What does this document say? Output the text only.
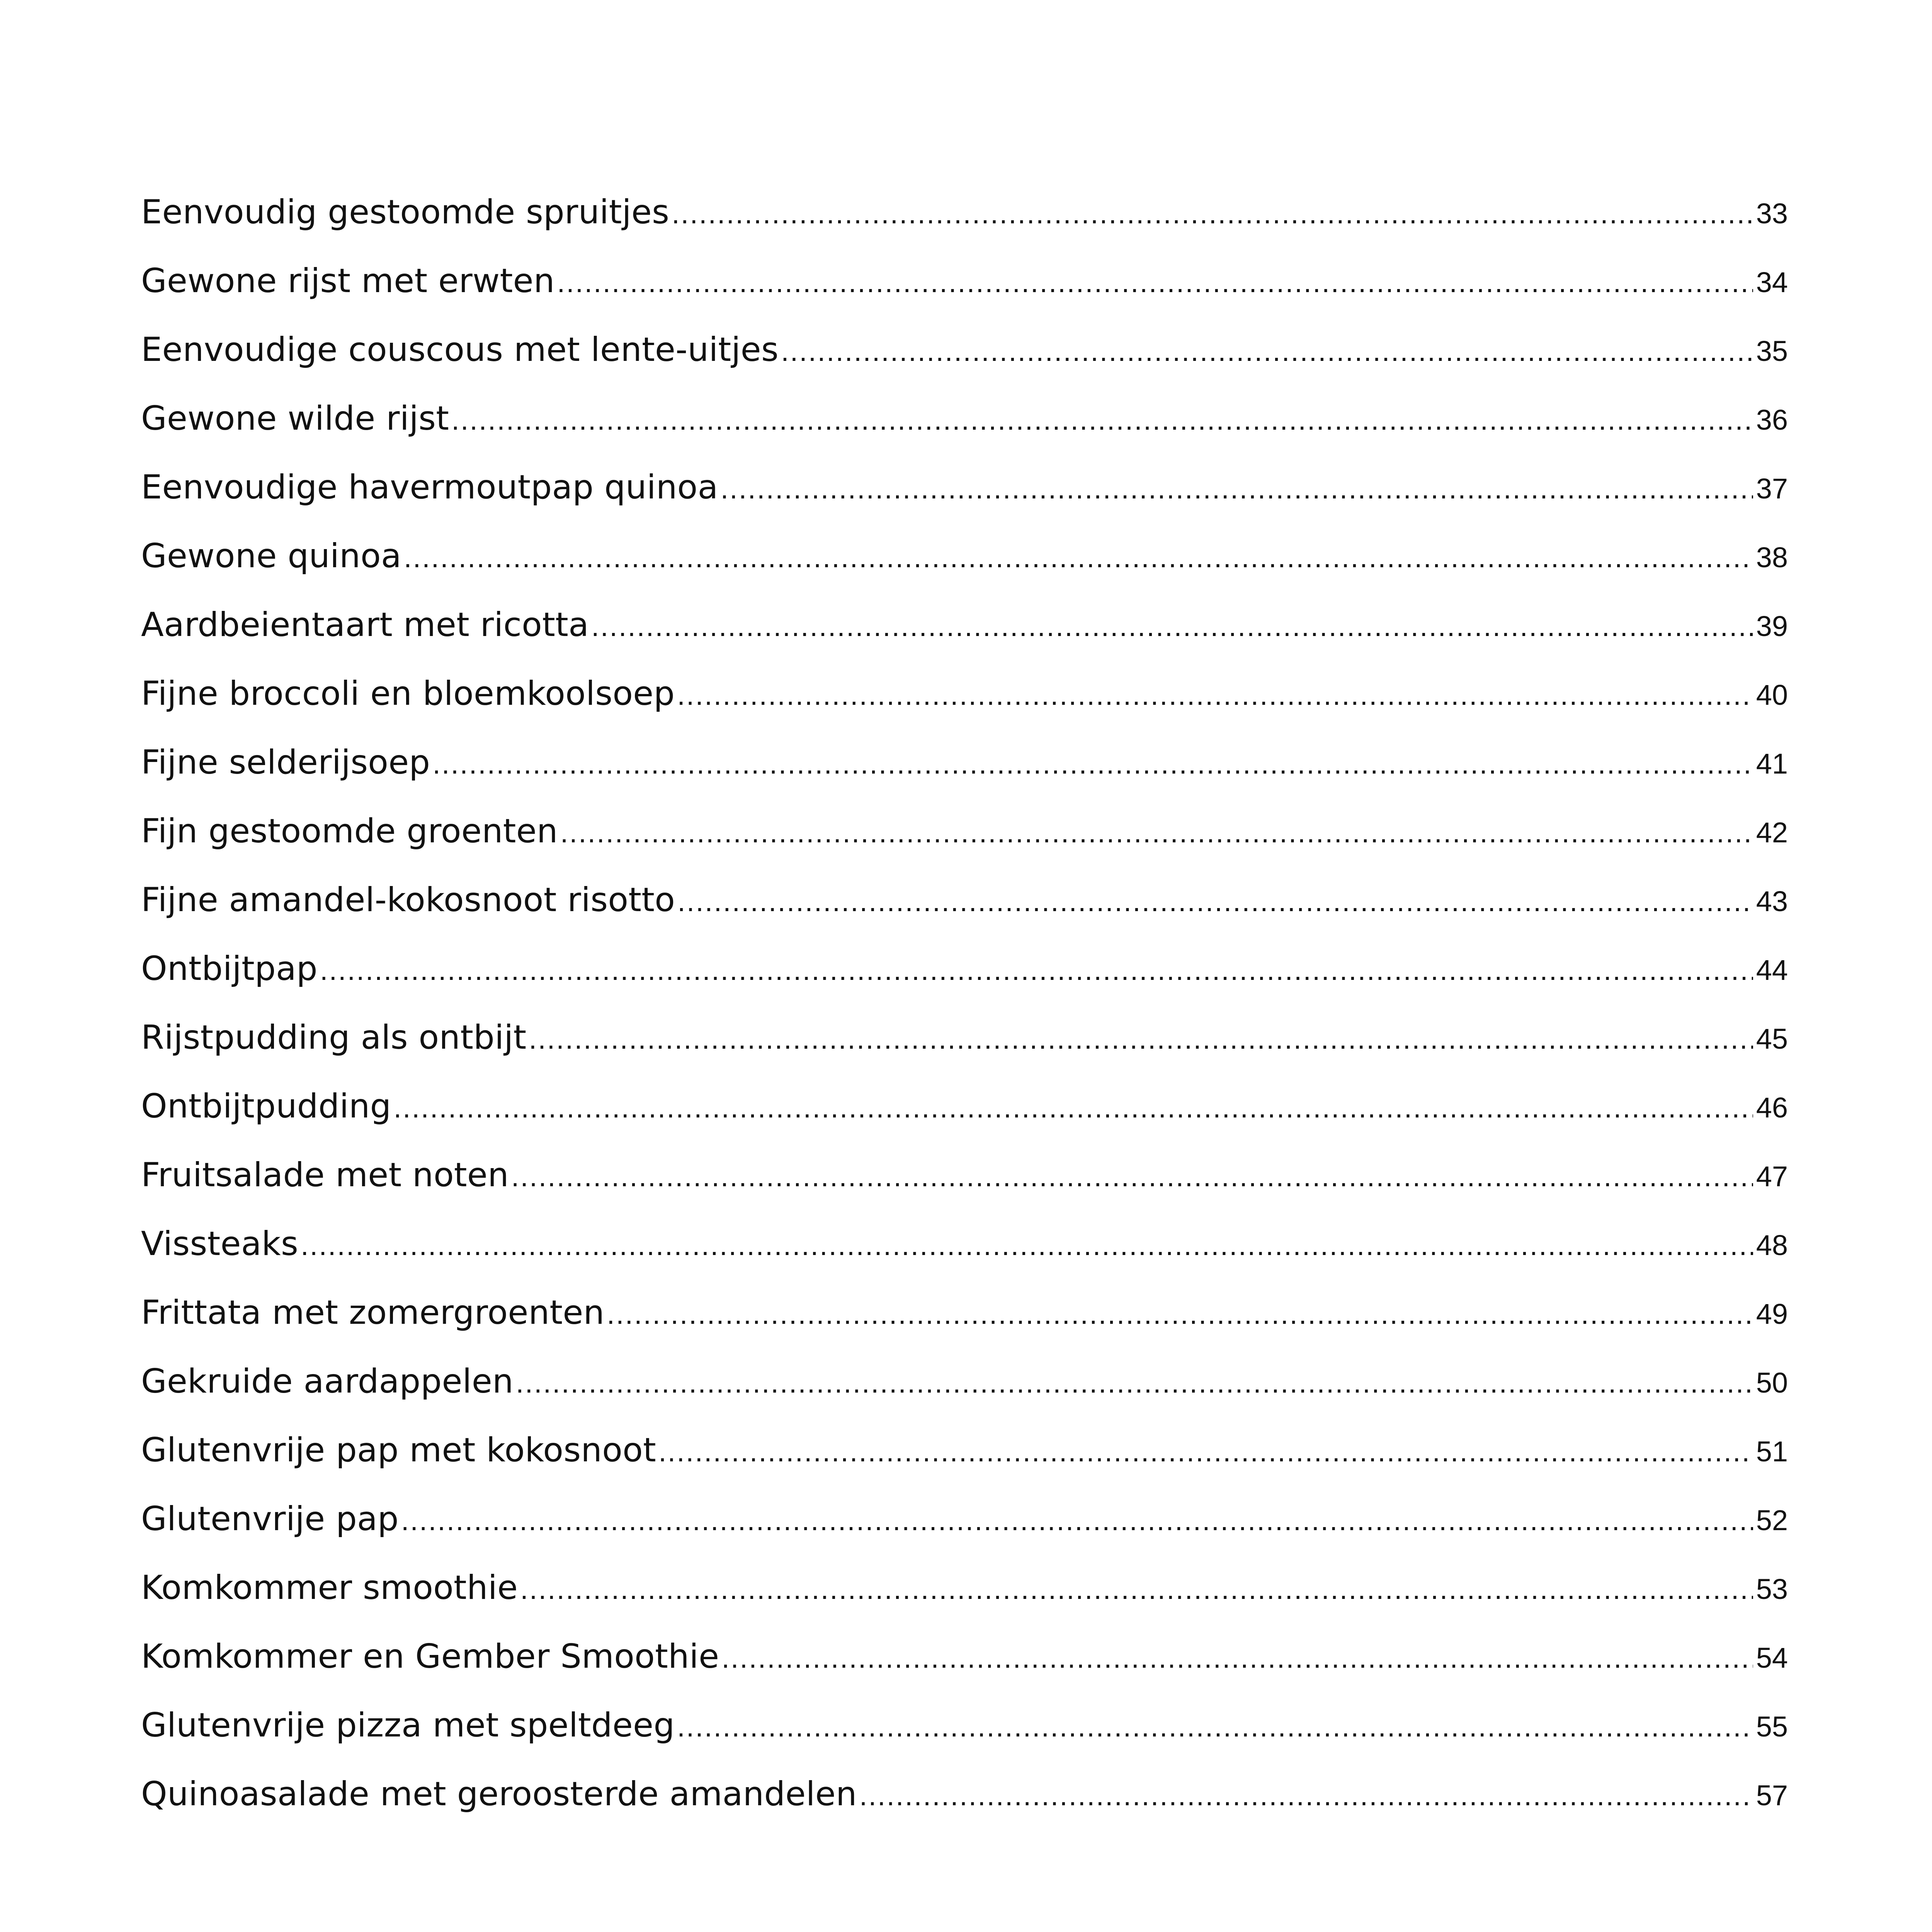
Eenvoudig gestoomde spruitjes .....	33
Gewone rijst met erwten .....	34
Eenvoudige couscous met lente-uitjes .....	35
Gewone wilde rijst .....	36
Eenvoudige havermoutpap quinoa .....	37
Gewone quinoa .....	38
Aardbeientaart met ricotta .....	39
Fijne broccoli en bloemkoolsoep .....	40
Fijne selderijsoep .....	41
Fijn gestoomde groenten .....	42
Fijne amandel-kokosnoot risotto .....	43
Ontbijtpap .....	44
Rijstpudding als ontbijt .....	45
Ontbijtpudding .....	46
Fruitsalade met noten .....	47
Vissteaks .....	48
Frittata met zomergroenten .....	49
Gekruide aardappelen .....	50
Glutenvrije pap met kokosnoot .....	51
Glutenvrije pap .....	52
Komkommer smoothie .....	53
Komkommer en Gember Smoothie .....	54
Glutenvrije pizza met speltdeeg .....	55
Quinoasalade met geroosterde amandelen .....	57
